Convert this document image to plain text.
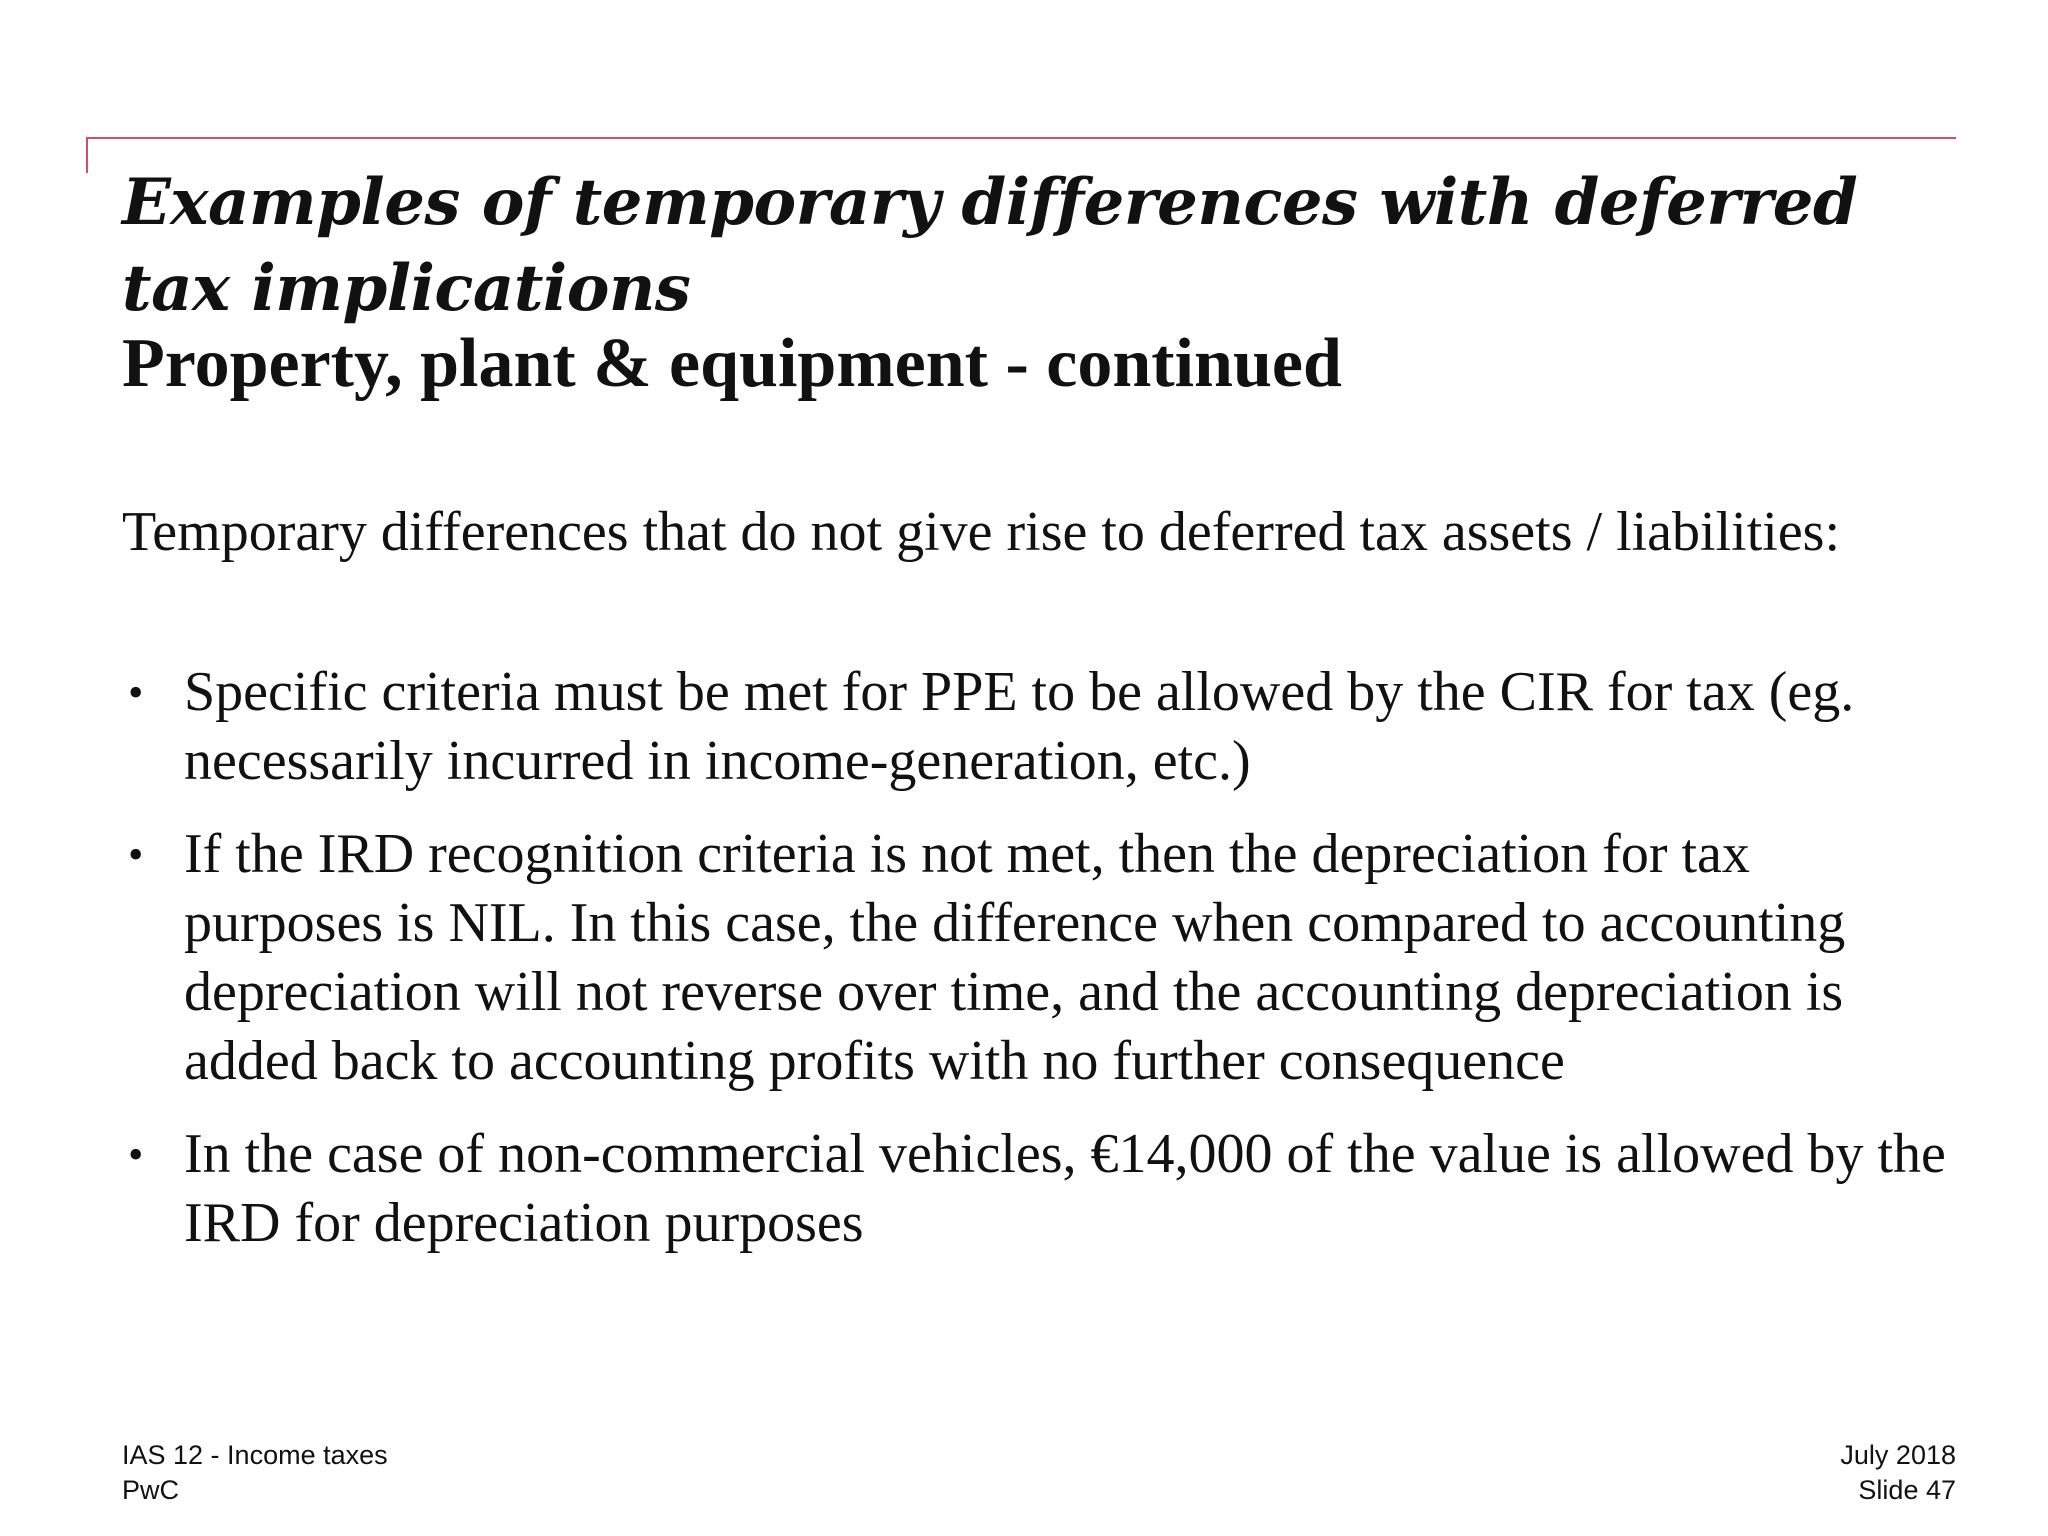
Examples of temporary differences with deferred tax implications
Property, plant & equipment - continued

Temporary differences that do not give rise to deferred tax assets / liabilities:

• Specific criteria must be met for PPE to be allowed by the CIR for tax (eg. necessarily incurred in income-generation, etc.)
• If the IRD recognition criteria is not met, then the depreciation for tax purposes is NIL. In this case, the difference when compared to accounting depreciation will not reverse over time, and the accounting depreciation is added back to accounting profits with no further consequence
• In the case of non-commercial vehicles, €14,000 of the value is allowed by the IRD for depreciation purposes
IAS 12 - Income taxes
PwC
July 2018
Slide 47
